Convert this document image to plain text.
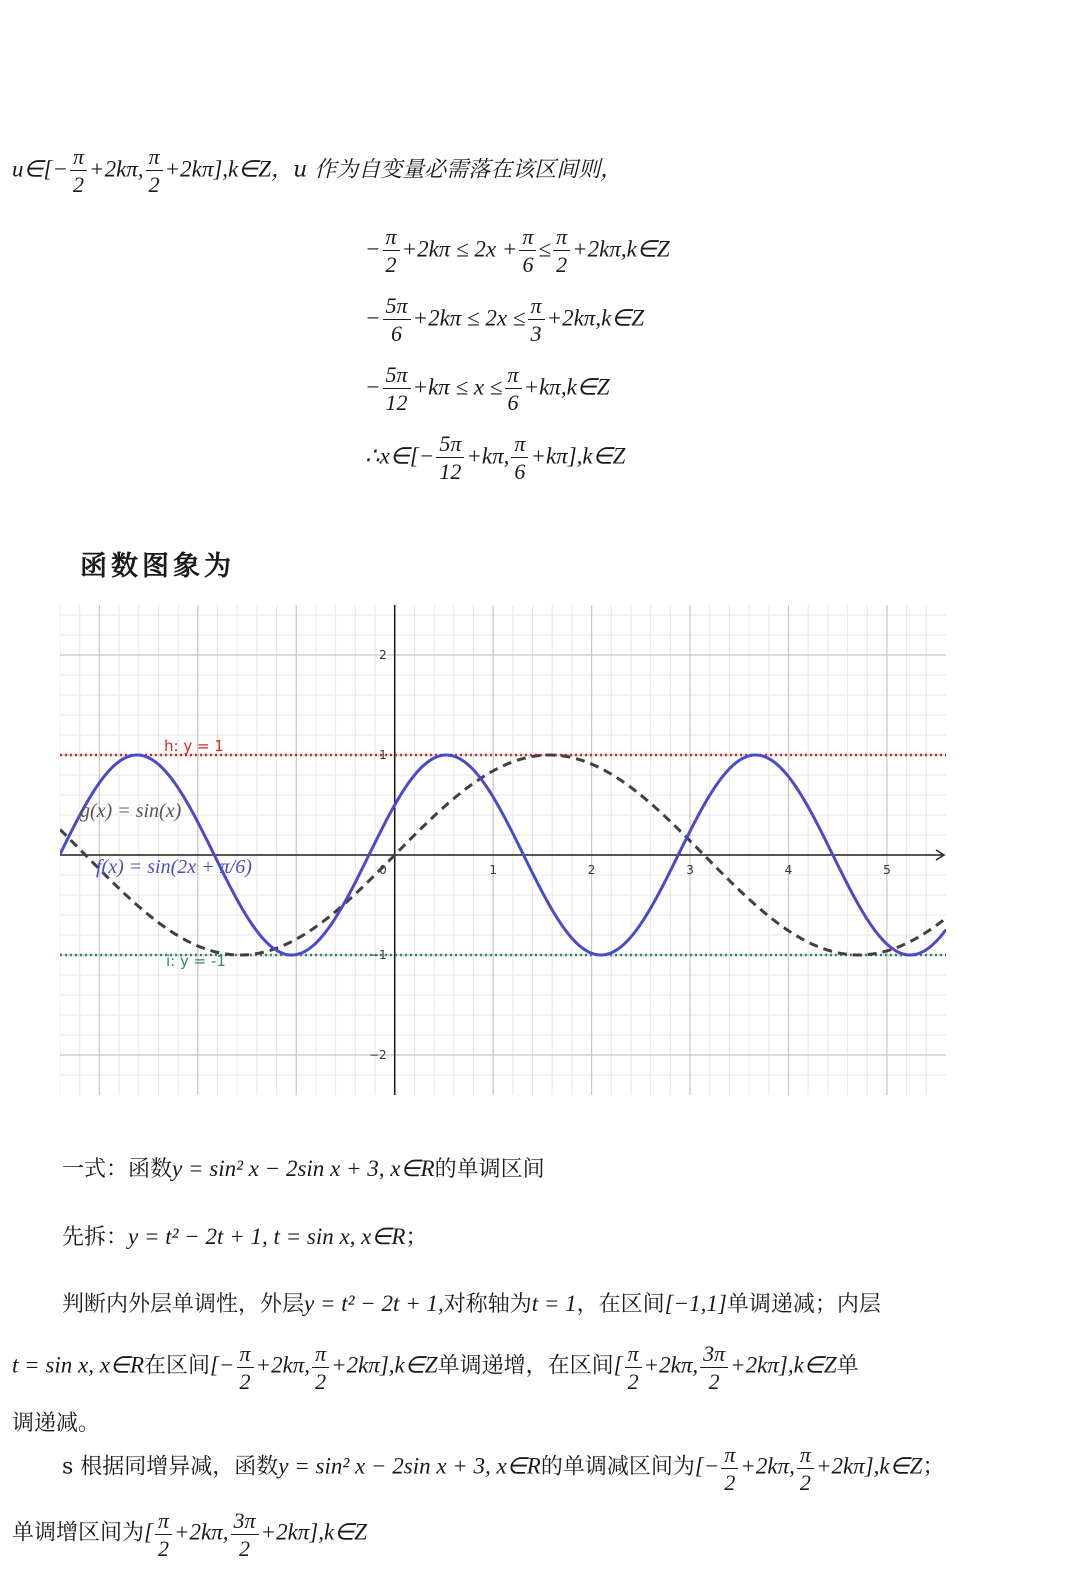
u∈[− $\frac{\pi}{2} +2k\pi$, $\frac{\pi}{2}$ +2kπ],k∈Z，u 作为自变量必需落在该区间则，
− $\frac{\pi}{2} +2k\pi \le 2x + \frac{\pi}{6} \le \frac{\pi}{2}$ +2kπ,k∈Z
− $\frac{5\pi}{6} +2k\pi \le 2x \le \frac{\pi}{3}$ +2kπ,k∈Z
− $\frac{5\pi}{12} +k\pi \le x \le \frac{\pi}{6}$ +kπ,k∈Z
∴x∈[− $\frac{5\pi}{12} +k\pi$, $\frac{\pi}{6}$ +kπ],k∈Z
函数图象为
1	2	3	4	5
2
1
−1
−2
0
h: y = 1
i: y = -1
g(x) = sin(x)
f(x) = sin(2x + π/6)
一式：函数y = sin² x − 2sin x + 3, x∈R的单调区间
先拆：y = t² − 2t + 1, t = sin x, x∈R；
判断内外层单调性，外层y = t² − 2t + 1,对称轴为t = 1，在区间[−1,1]单调递减；内层
t = sin x, x∈R在区间[− $\frac{\pi}{2} +2k\pi$, $\frac{\pi}{2}$ +2kπ],k∈Z单调递增，在区间[ $\frac{\pi}{2} +2k\pi$, $\frac{3\pi}{2}$ +2kπ],k∈Z单
调递减。
s 根据同增异减，函数y = sin² x − 2sin x + 3, x∈R的单调减区间为[− $\frac{\pi}{2} +2k\pi$, $\frac{\pi}{2}$ +2kπ],k∈Z；
单调增区间为[ $\frac{\pi}{2} +2k\pi$, $\frac{3\pi}{2}$ +2kπ],k∈Z
